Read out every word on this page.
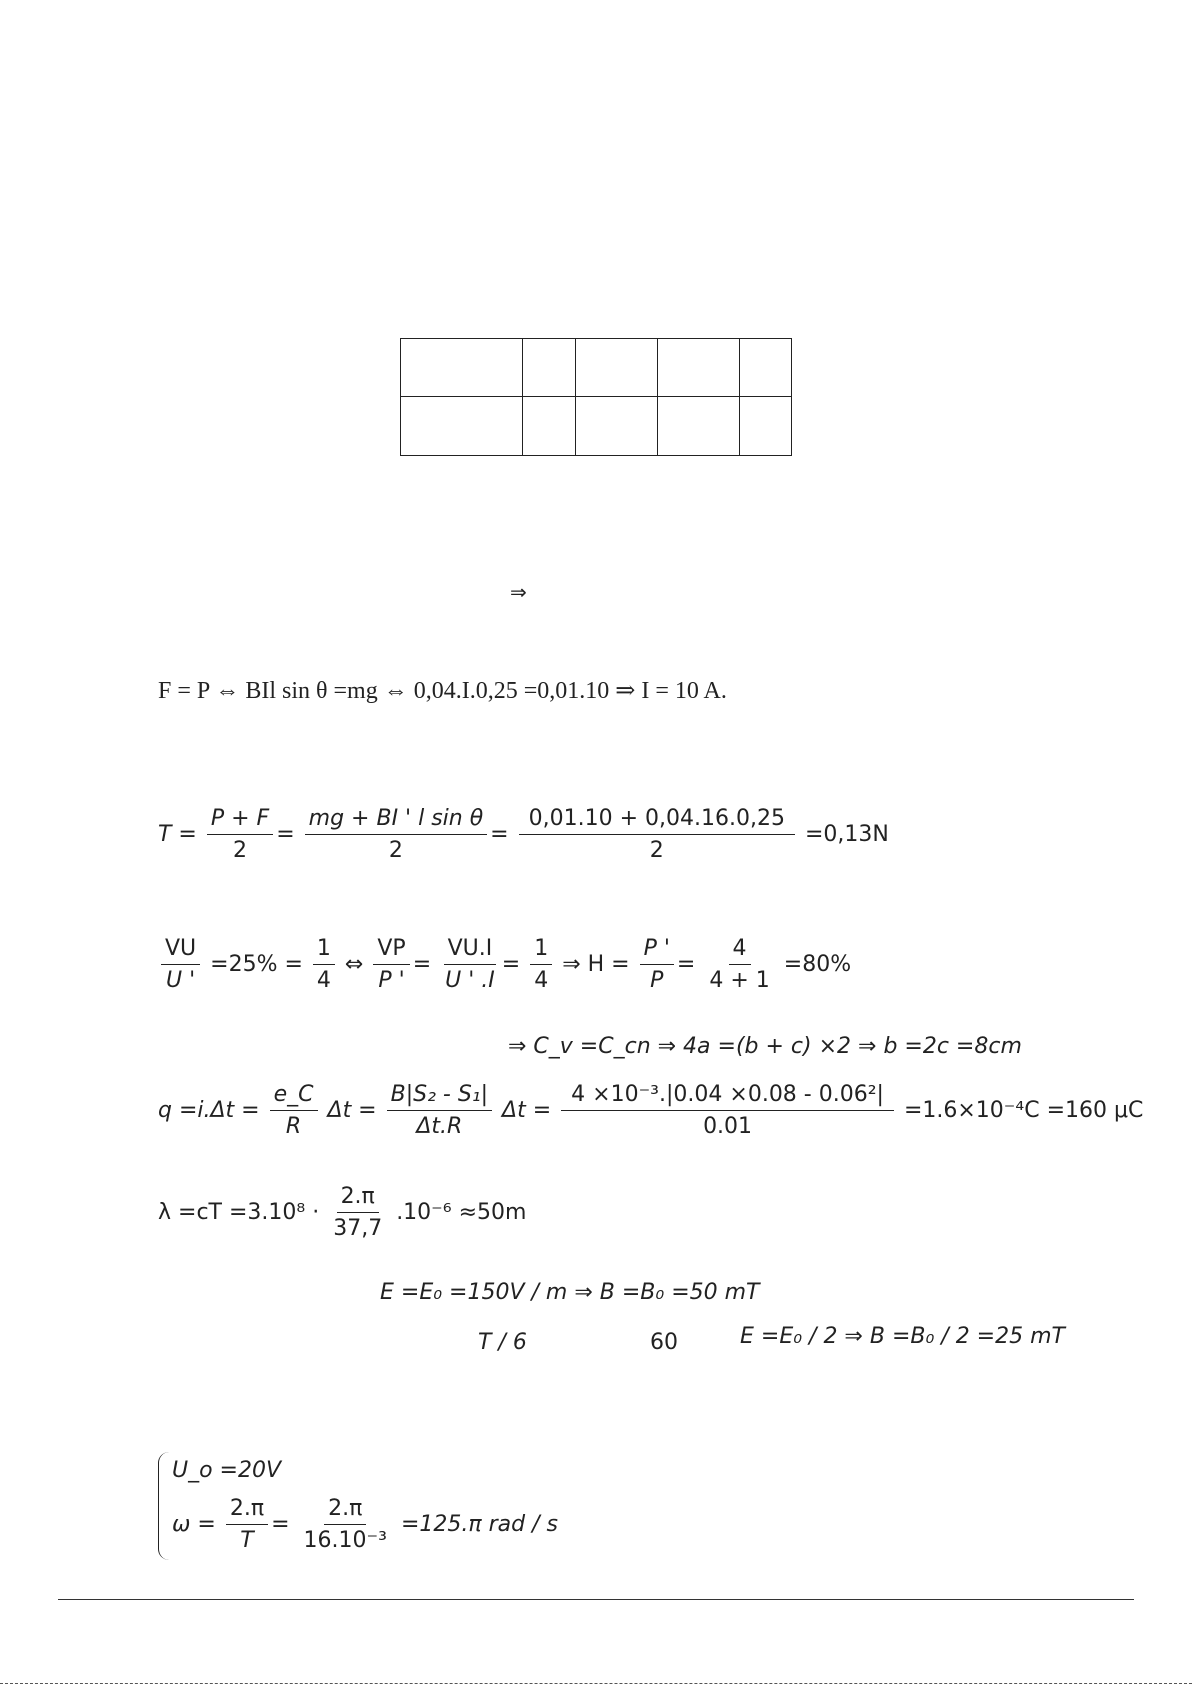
⇒
F = P ⇔ BIl sin θ =mg ⇔ 0,04.I.0,25 =0,01.10 ⇒ I = 10 A.
$T = \frac{P + F}{2} = \frac{\text{mg + BI ' l sin θ}}{2} = \frac{0,01.10 + 0,04.16.0,25}{2} =0,13N$
$\frac{VU}{U '} =25\% = \frac{1}{4}$ ⇔ $\frac{VP}{P '} = \frac{VU.I}{U ' .I} = \frac{1}{4}$ ⇒ $H = \frac{P '}{P} = \frac{4}{4 + 1} =80\%$
⇒ C_v =C_cn ⇒ 4a =(b + c) ×2 ⇒ b =2c =8cm
$q =i.\Delta t = \frac{e\_C}{R}$ $\Delta t = \frac{\text{B|S₂ - S₁|}}{\Delta t.R}$ $\Delta t = \frac{\text{4 ×10⁻³.|0.04 ×0.08 - 0.06²|}}{0.01} =1.6\times 10^{-4}C =160$ μC
$\lambda =cT =3.10^8 \cdot \frac{2.\pi}{37,7} .10^{-6} \approx 50m$
E =E₀ =150V / m ⇒ B =B₀ =50 mT
T / 6	60	E =E₀ / 2 ⇒ B =B₀ / 2 =25 mT
U_o =20V
$\omega = \frac{2.\pi}{T} = \frac{2.\pi}{\text{16.10⁻³}} =125.\pi$ rad / s
